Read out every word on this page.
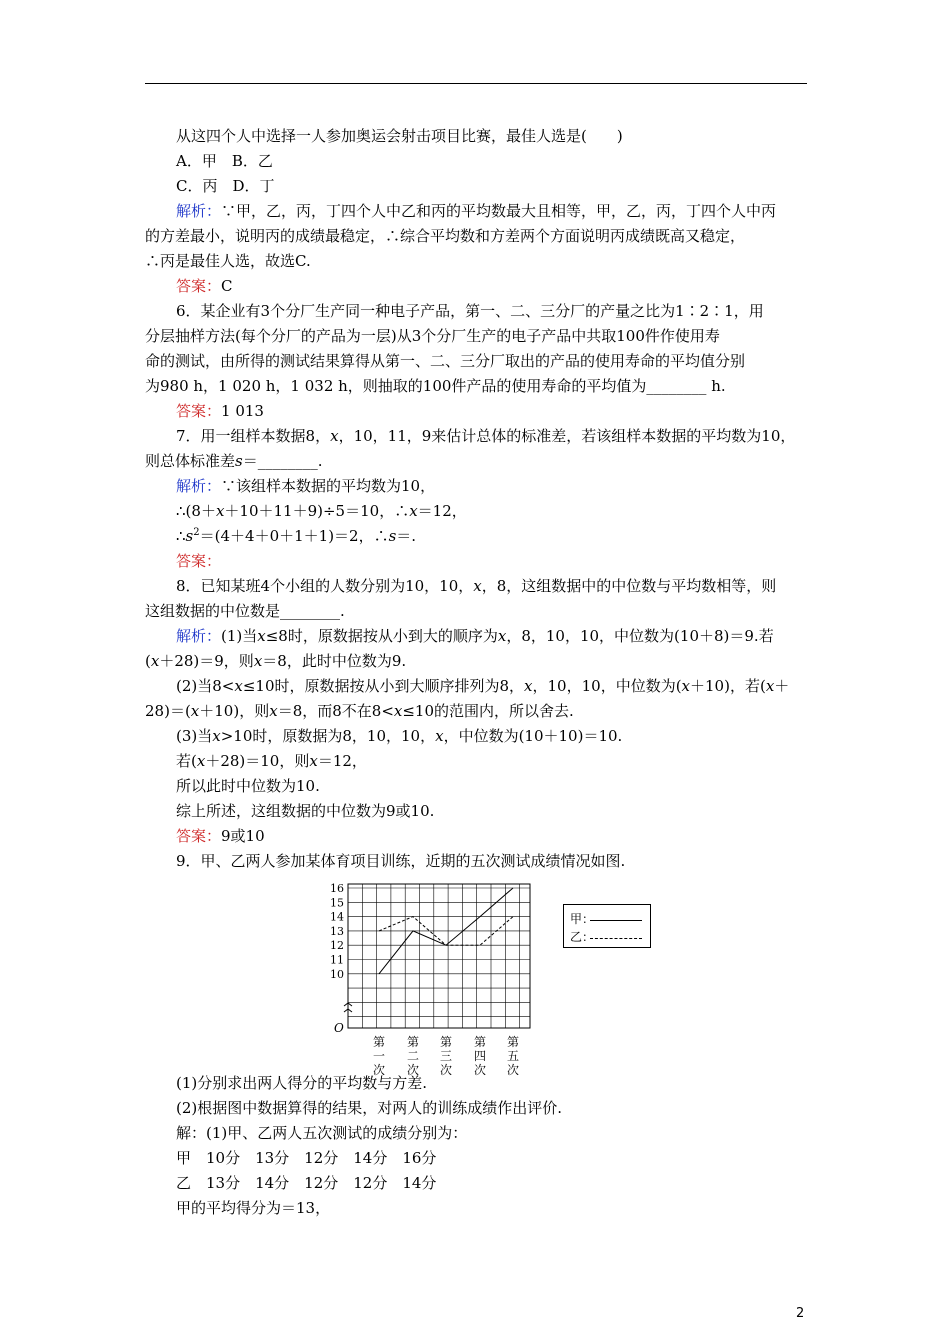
从这四个人中选择一人参加奥运会射击项目比赛，最佳人选是(　　)
A．甲　B．乙
C．丙　D．丁
解析：∵甲，乙，丙，丁四个人中乙和丙的平均数最大且相等，甲，乙，丙，丁四个人中丙
的方差最小，说明丙的成绩最稳定，∴综合平均数和方差两个方面说明丙成绩既高又稳定，
∴丙是最佳人选，故选C.
答案：C
6．某企业有3个分厂生产同一种电子产品，第一、二、三分厂的产量之比为1∶2∶1，用
分层抽样方法(每个分厂的产品为一层)从3个分厂生产的电子产品中共取100件作使用寿
命的测试，由所得的测试结果算得从第一、二、三分厂取出的产品的使用寿命的平均值分别
为980 h，1 020 h，1 032 h，则抽取的100件产品的使用寿命的平均值为________ h.
答案：1 013
7．用一组样本数据8，x，10，11，9来估计总体的标准差，若该组样本数据的平均数为10，
则总体标准差s＝________.
解析：∵该组样本数据的平均数为10，
∴(8＋x＋10＋11＋9)÷5＝10，∴x＝12，
$\therefore s^2=(4+4+0+1+1)=2$，∴s＝.
答案：
8．已知某班4个小组的人数分别为10，10，x，8，这组数据中的中位数与平均数相等，则
这组数据的中位数是________.
解析：(1)当x≤8时，原数据按从小到大的顺序为x，8，10，10，中位数为(10＋8)＝9.若
(x＋28)＝9，则x＝8，此时中位数为9.
(2)当8<x≤10时，原数据按从小到大顺序排列为8，x，10，10，中位数为(x＋10)，若(x＋
28)＝(x＋10)，则x＝8，而8不在8<x≤10的范围内，所以舍去.
(3)当x>10时，原数据为8，10，10，x，中位数为(10＋10)＝10.
若(x＋28)＝10，则x＝12，
所以此时中位数为10.
综上所述，这组数据的中位数为9或10.
答案：9或10
9．甲、乙两人参加某体育项目训练，近期的五次测试成绩情况如图.
10
11
12
13
14
15
16
第
一
次
第
二
次
第
三
次
第
四
次
第
五
次
O
甲：
乙：
(1)分别求出两人得分的平均数与方差.
(2)根据图中数据算得的结果，对两人的训练成绩作出评价.
解：(1)甲、乙两人五次测试的成绩分别为：
甲　10分　13分　12分　14分　16分
乙　13分　14分　12分　12分　14分
甲的平均得分为＝13，
2
